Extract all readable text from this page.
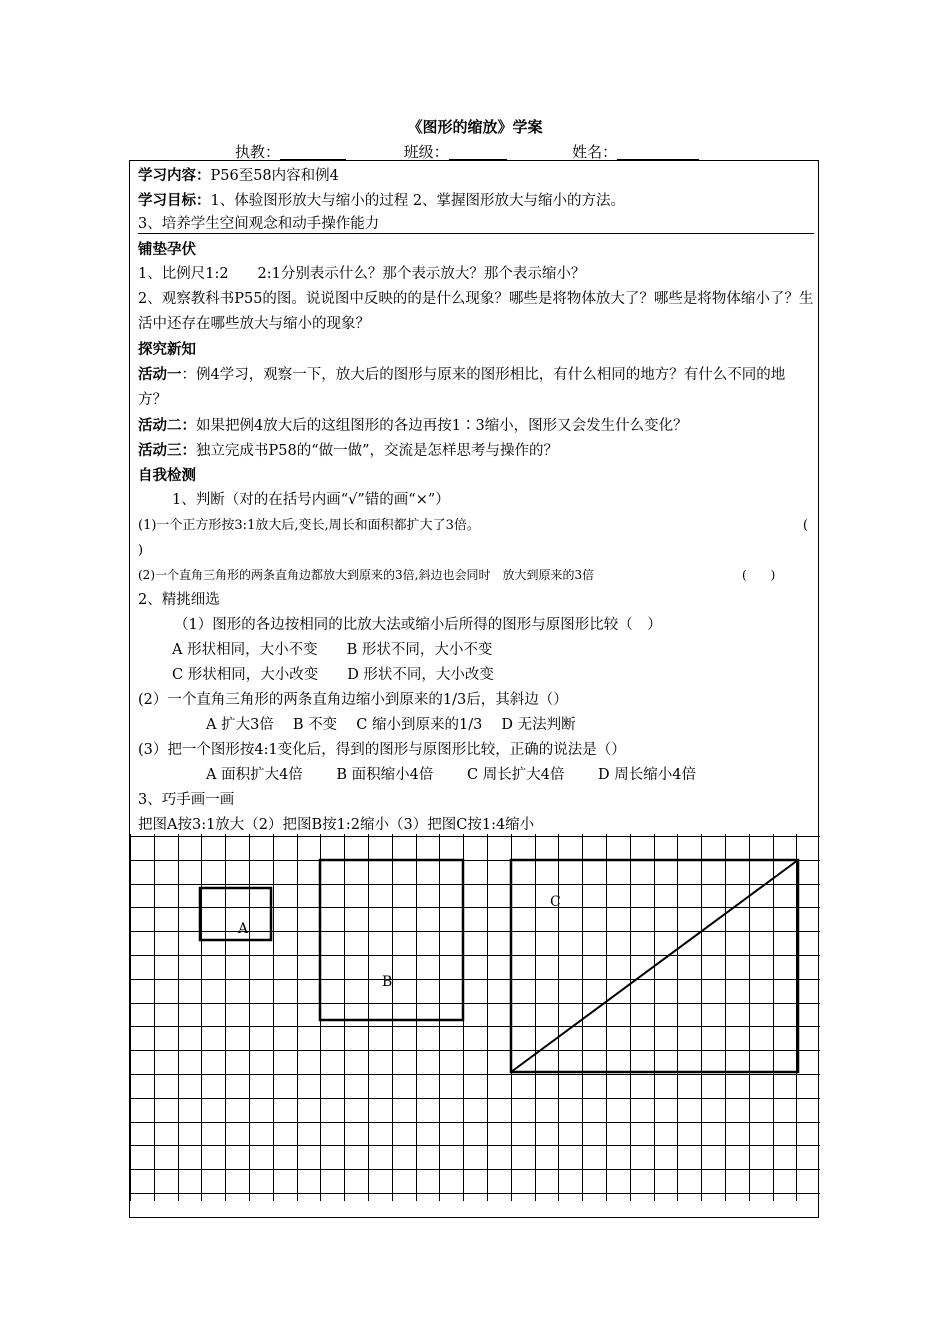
《图形的缩放》学案
执教：	班级：	姓名：
学习内容：P56至58内容和例4
学习目标：1、体验图形放大与缩小的过程 2、掌握图形放大与缩小的方法。
3、培养学生空间观念和动手操作能力
铺垫孕伏
1、比例尺1:2　　2:1分别表示什么？那个表示放大？那个表示缩小？
2、观察教科书P55的图。说说图中反映的的是什么现象？哪些是将物体放大了？哪些是将物体缩小了？生活中还存在哪些放大与缩小的现象？
探究新知
活动一：例4学习，观察一下，放大后的图形与原来的图形相比，有什么相同的地方？有什么不同的地方？
活动二：如果把例4放大后的这组图形的各边再按1∶3缩小，图形又会发生什么变化？
活动三：独立完成书P58的“做一做”，交流是怎样思考与操作的？
自我检测
1、判断（对的在括号内画“√”错的画“×”）
(1)一个正方形按3:1放大后,变长,周长和面积都扩大了3倍。	(
)
(2)一个直角三角形的两条直角边都放大到原来的3倍,斜边也会同时　放大到原来的3倍	(　　)
2、精挑细选
（1）图形的各边按相同的比放大法或缩小后所得的图形与原图形比较（　）
A 形状相同，大小不变　　B 形状不同，大小不变
C 形状相同，大小改变　　D 形状不同，大小改变
(2）一个直角三角形的两条直角边缩小到原来的1/3后，其斜边（）
A 扩大3倍　 B 不变　 C 缩小到原来的1/3　 D 无法判断
(3）把一个图形按4:1变化后，得到的图形与原图形比较，正确的说法是（）
A 面积扩大4倍　　 B 面积缩小4倍　　 C 周长扩大4倍　　 D 周长缩小4倍
3、巧手画一画
把图A按3:1放大（2）把图B按1:2缩小（3）把图C按1:4缩小
A
B
C
